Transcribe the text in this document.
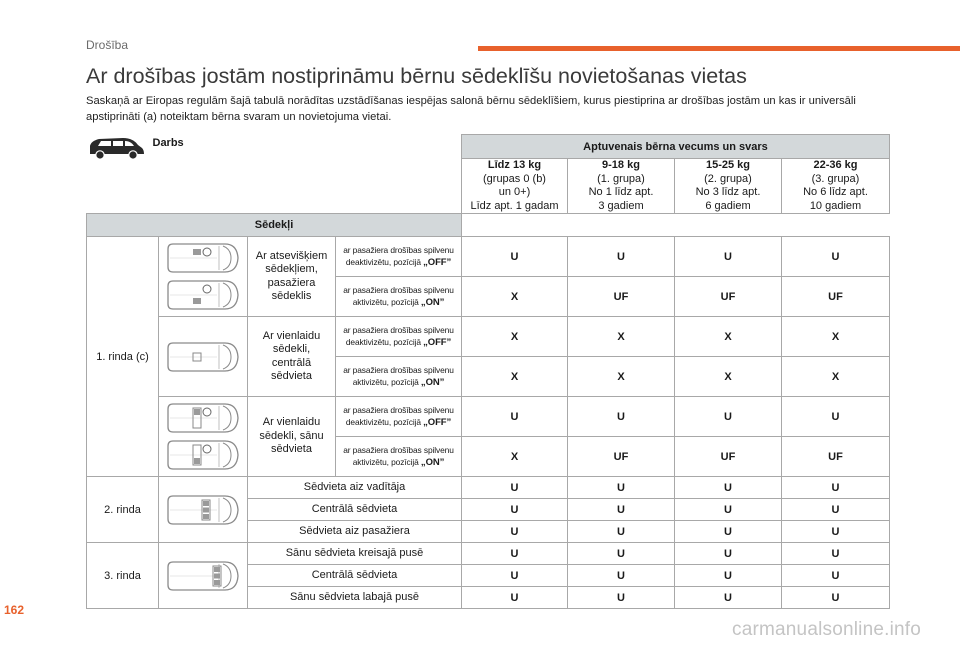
Drošība
Ar drošības jostām nostiprināmu bērnu sēdeklīšu novietošanas vietas

Saskaņā ar Eiropas regulām šajā tabulā norādītas uzstādīšanas iespējas salonā bērnu sēdeklīšiem, kurus piestiprina ar drošības jostām un kas ir universāli apstiprināti (a) noteiktam bērna svaram un novietojuma vietai.

Darbs				Aptuvenais bērna vecums un svars			
				Līdz 13 kg
(grupas 0 (b)
un 0+)
Līdz apt. 1 gadam	9-18 kg
(1. grupa)
No 1 līdz apt.
3 gadiem	15-25 kg
(2. grupa)
No 3 līdz apt.
6 gadiem	22-36 kg
(3. grupa)
No 6 līdz apt.
10 gadiem
Sēdekļi							
1. rinda (c)		Ar atsevišķiem
sēdekļiem,
pasažiera
sēdeklis	ar pasažiera drošības spilvenu
deaktivizētu, pozīcijā „OFF”	U	U	U	U
			ar pasažiera drošības spilvenu
aktivizētu, pozīcijā „ON”	X	UF	UF	UF

	Ar vienlaidu
sēdekli,
centrālā
sēdvieta	ar pasažiera drošības spilvenu
deaktivizētu, pozīcijā „OFF”	X	X	X	X
			ar pasažiera drošības spilvenu
aktivizētu, pozīcijā „ON”	X	X	X	X

	Ar vienlaidu
sēdekli, sānu
sēdvieta	ar pasažiera drošības spilvenu
deaktivizētu, pozīcijā „OFF”	U	U	U	U
			ar pasažiera drošības spilvenu
aktivizētu, pozīcijā „ON”	X	UF	UF	UF
2. rinda		Sēdvieta aiz vadītāja		U	U	U	U
		Centrālā sēdvieta		U	U	U	U
		Sēdvieta aiz pasažiera		U	U	U	U
3. rinda		Sānu sēdvieta kreisajā pusē		U	U	U	U
		Centrālā sēdvieta		U	U	U	U
		Sānu sēdvieta labajā pusē		U	U	U	U
162
carmanualsonline.info
